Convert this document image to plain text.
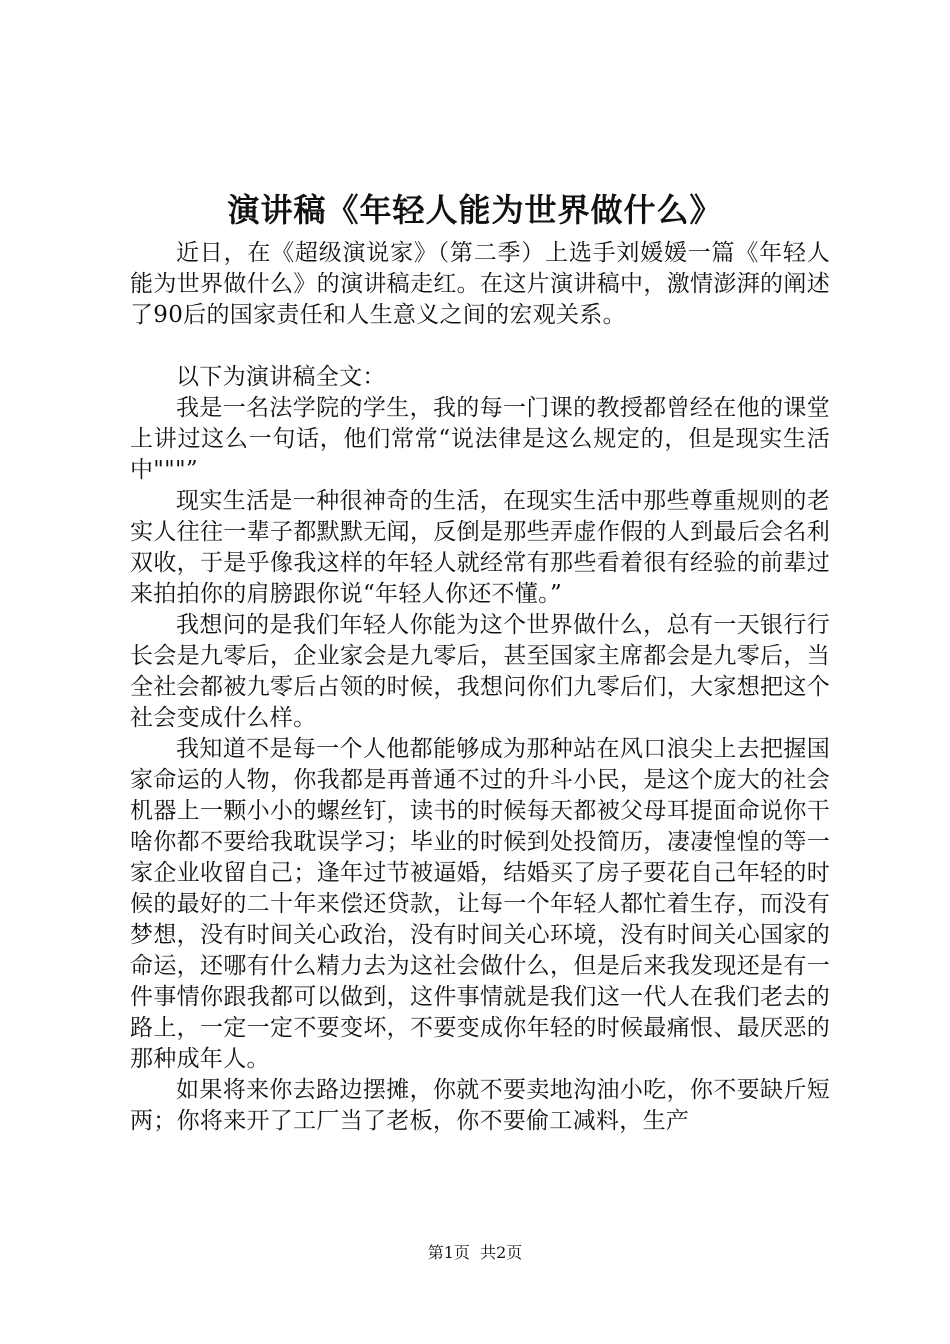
演讲稿《年轻人能为世界做什么》

近日，在《超级演说家》（第二季）上选手刘媛媛一篇《年轻人能为世界做什么》的演讲稿走红。在这片演讲稿中，激情澎湃的阐述了90后的国家责任和人生意义之间的宏观关系。

以下为演讲稿全文：

我是一名法学院的学生，我的每一门课的教授都曾经在他的课堂上讲过这么一句话，他们常常“说法律是这么规定的，但是现实生活中"""”

现实生活是一种很神奇的生活，在现实生活中那些尊重规则的老实人往往一辈子都默默无闻，反倒是那些弄虚作假的人到最后会名利双收，于是乎像我这样的年轻人就经常有那些看着很有经验的前辈过来拍拍你的肩膀跟你说“年轻人你还不懂。”

我想问的是我们年轻人你能为这个世界做什么，总有一天银行行长会是九零后，企业家会是九零后，甚至国家主席都会是九零后，当全社会都被九零后占领的时候，我想问你们九零后们，大家想把这个社会变成什么样。

我知道不是每一个人他都能够成为那种站在风口浪尖上去把握国家命运的人物，你我都是再普通不过的升斗小民，是这个庞大的社会机器上一颗小小的螺丝钉，读书的时候每天都被父母耳提面命说你干啥你都不要给我耽误学习；毕业的时候到处投简历，凄凄惶惶的等一家企业收留自己；逢年过节被逼婚，结婚买了房子要花自己年轻的时候的最好的二十年来偿还贷款，让每一个年轻人都忙着生存，而没有梦想，没有时间关心政治，没有时间关心环境，没有时间关心国家的命运，还哪有什么精力去为这社会做什么，但是后来我发现还是有一件事情你跟我都可以做到，这件事情就是我们这一代人在我们老去的路上，一定一定不要变坏，不要变成你年轻的时候最痛恨、最厌恶的那种成年人。

如果将来你去路边摆摊，你就不要卖地沟油小吃，你不要缺斤短两；你将来开了工厂当了老板，你不要偷工减料，生产

第1页 共2页
